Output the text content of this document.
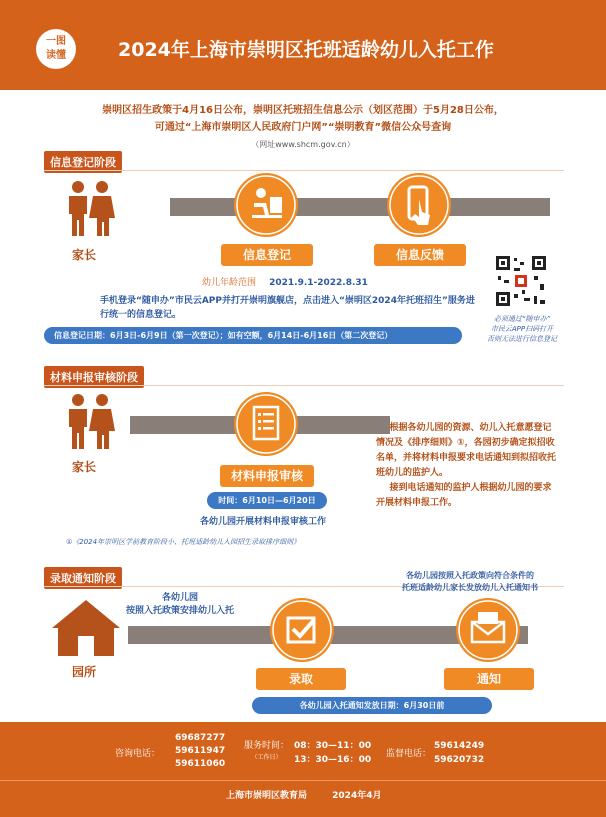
一图
读懂	2024年上海市崇明区托班适龄幼儿入托工作
崇明区招生政策于4月16日公布，崇明区托班招生信息公示（划区范围）于5月28日公布，
可通过“上海市崇明区人民政府门户网”“崇明教育”微信公众号查询
（网址www.shcm.gov.cn）
信息登记阶段
家长	信息登记	信息反馈
幼儿年龄范围 2021.9.1-2022.8.31
手机登录“随申办”市民云APP并打开崇明旗舰店，点击进入“崇明区2024年托班招生”服务进行统一的信息登记。
信息登记日期：6月3日-6月9日（第一次登记）；如有空额，6月14日-6月16日（第二次登记）
必须通过“随申办”
市民云APP扫码打开
否则无法进行信息登记
材料申报审核阶段
家长
材料申报审核
时间：6月10日—6月20日
各幼儿园开展材料申报审核工作
根据各幼儿园的资源、幼儿入托意愿登记情况及《排序细则》①，各园初步确定拟招收名单，并将材料申报要求电话通知到拟招收托班幼儿的监护人。
接到电话通知的监护人根据幼儿园的要求开展材料申报工作。
①《2024年崇明区学前教育阶段小、托班适龄幼儿入园招生录取排序细则》
录取通知阶段
各幼儿园
按照入托政策安排幼儿入托
各幼儿园按照入托政策向符合条件的
托班适龄幼儿家长发放幼儿入托通知书
园所	录取	通知
各幼儿园入托通知发放日期：6月30日前
咨询电话：
69687277
59611947
59611060
服务时间：
（工作日）
08：30—11：00
13：30—16：00
监督电话：
59614249
59620732
上海市崇明区教育局	2024年4月
